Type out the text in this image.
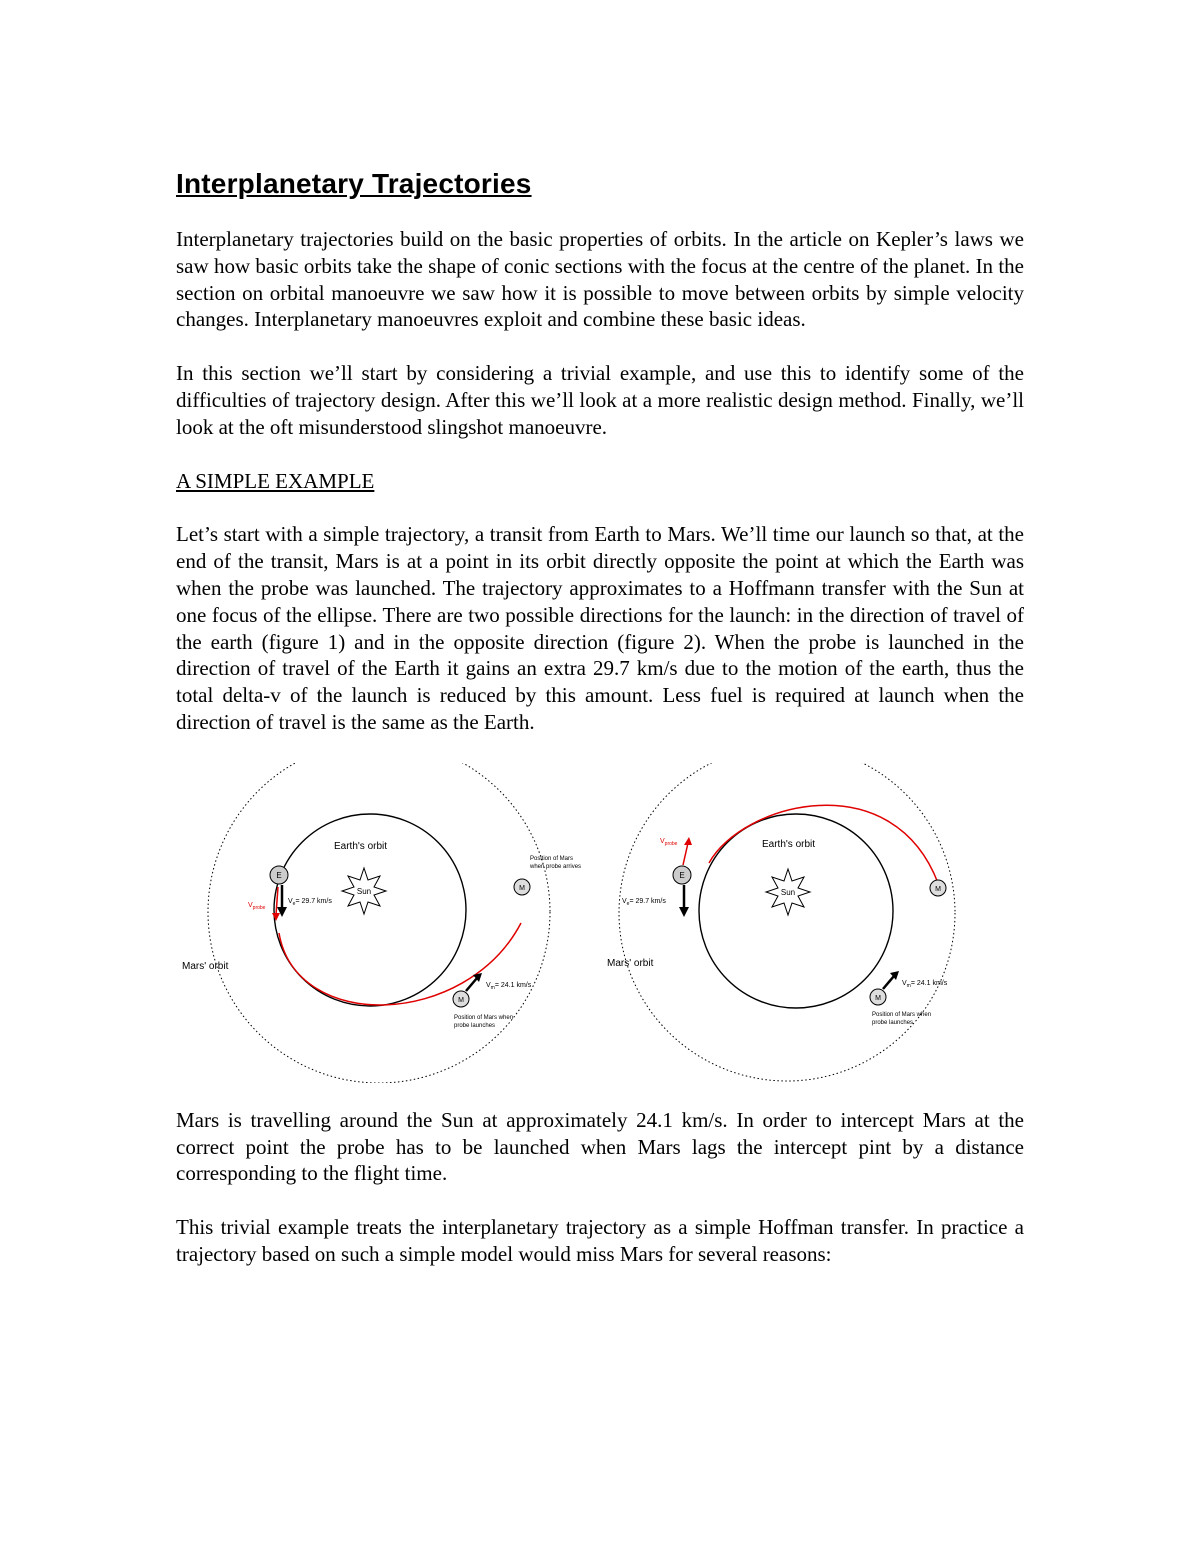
Interplanetary Trajectories

Interplanetary trajectories build on the basic properties of orbits. In the article on Kepler’s laws we saw how basic orbits take the shape of conic sections with the focus at the centre of the planet. In the section on orbital manoeuvre we saw how it is possible to move between orbits by simple velocity changes. Interplanetary manoeuvres exploit and combine these basic ideas.

In this section we’ll start by considering a trivial example, and use this to identify some of the difficulties of trajectory design. After this we’ll look at a more realistic design method. Finally, we’ll look at the oft misunderstood slingshot manoeuvre.

A SIMPLE EXAMPLE

Let’s start with a simple trajectory, a transit from Earth to Mars. We’ll time our launch so that, at the end of the transit, Mars is at a point in its orbit directly opposite the point at which the Earth was when the probe was launched. The trajectory approximates to a Hoffmann transfer with the Sun at one focus of the ellipse. There are two possible directions for the launch: in the direction of travel of the earth (figure 1) and in the opposite direction (figure 2). When the probe is launched in the direction of travel of the Earth it gains an extra 29.7 km/s due to the motion of the earth, thus the total delta-v of the launch is reduced by this amount. Less fuel is required at launch when the direction of travel is the same as the Earth.

Sun
E
$V_{probe}$
$V_e= 29.7$ km/s
M
Position of Mars
when probe arrives
M
$V_m= 24.1$ km/s
Position of Mars when
probe launches
Earth's orbit
Mars' orbit
Sun
E
$V_e= 29.7$ km/s
$V_{probe}$
M
M
$V_m= 24.1$ km/s
Position of Mars when
probe launches
Earth's orbit
Mars' orbit

Mars is travelling around the Sun at approximately 24.1 km/s. In order to intercept Mars at the correct point the probe has to be launched when Mars lags the intercept pint by a distance corresponding to the flight time.

This trivial example treats the interplanetary trajectory as a simple Hoffman transfer. In practice a trajectory based on such a simple model would miss Mars for several reasons:
